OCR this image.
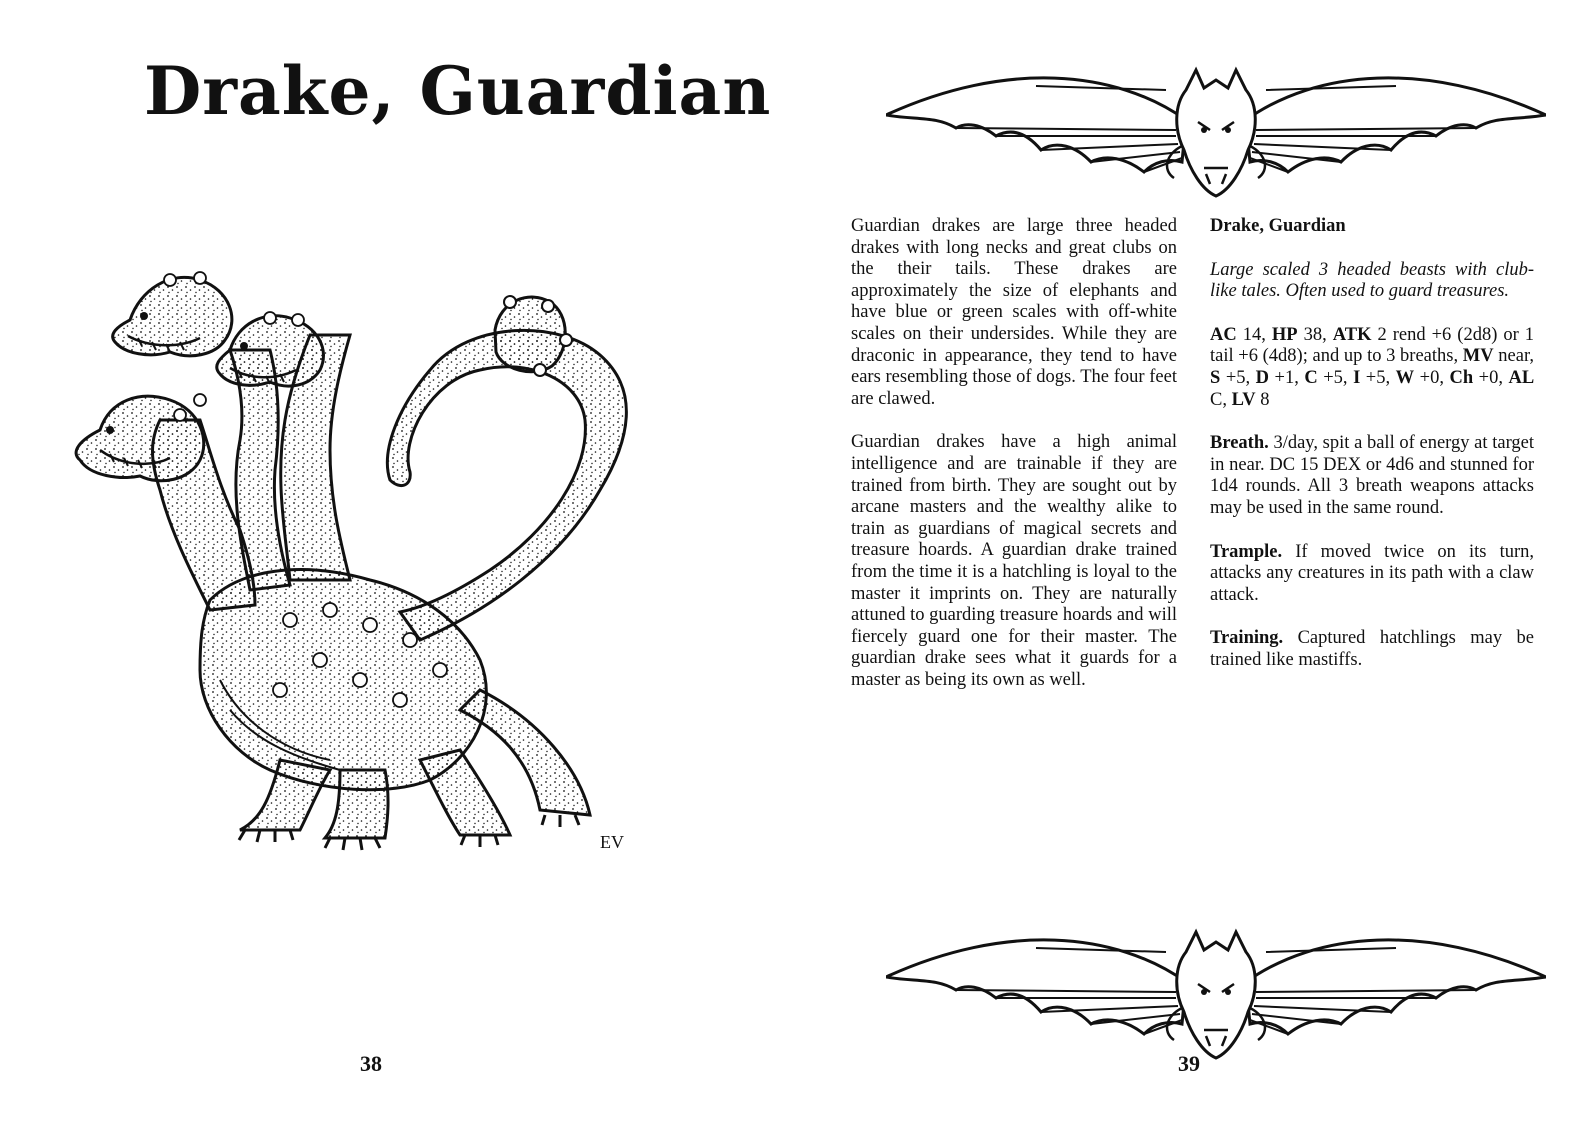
Drake, Guardian
EV
38

Guardian drakes are large three headed drakes with long necks and great clubs on the their tails. These drakes are approximately the size of elephants and have blue or green scales with off-white scales on their undersides. While they are draconic in appearance, they tend to have ears resembling those of dogs. The four feet are clawed.

Guardian drakes have a high animal intelligence and are trainable if they are trained from birth. They are sought out by arcane masters and the wealthy alike to train as guardians of magical secrets and treasure hoards. A guardian drake trained from the time it is a hatchling is loyal to the master it imprints on. They are naturally attuned to guarding treasure hoards and will fiercely guard one for their master. The guardian drake sees what it guards for a master as being its own as well.

Drake, Guardian

Large scaled 3 headed beasts with club-like tales. Often used to guard treasures.

AC 14, HP 38, ATK 2 rend +6 (2d8) or 1 tail +6 (4d8); and up to 3 breaths, MV near, S +5, D +1, C +5, I +5, W +0, Ch +0, AL C, LV 8

Breath. 3/day, spit a ball of energy at target in near. DC 15 DEX or 4d6 and stunned for 1d4 rounds. All 3 breath weapons attacks may be used in the same round.

Trample. If moved twice on its turn, attacks any creatures in its path with a claw attack.

Training. Captured hatchlings may be trained like mastiffs.

39
